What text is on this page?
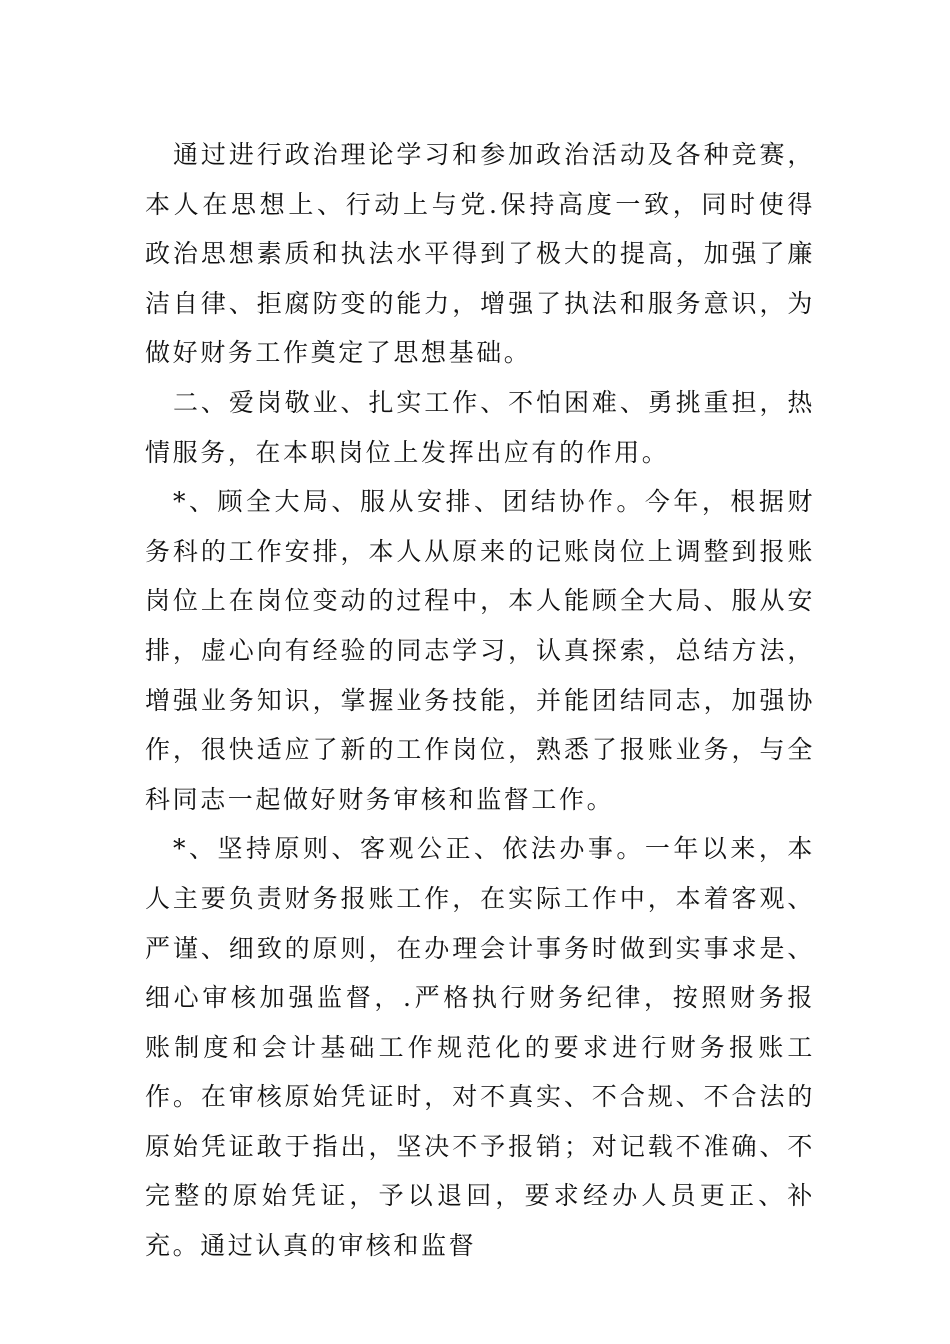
通过进行政治理论学习和参加政治活动及各种竞赛，本人在思想上、行动上与党.保持高度一致，同时使得政治思想素质和执法水平得到了极大的提高，加强了廉洁自律、拒腐防变的能力，增强了执法和服务意识，为做好财务工作奠定了思想基础。

二、爱岗敬业、扎实工作、不怕困难、勇挑重担，热情服务，在本职岗位上发挥出应有的作用。

*、顾全大局、服从安排、团结协作。今年，根据财务科的工作安排，本人从原来的记账岗位上调整到报账岗位上在岗位变动的过程中，本人能顾全大局、服从安排，虚心向有经验的同志学习，认真探索，总结方法，增强业务知识，掌握业务技能，并能团结同志，加强协作，很快适应了新的工作岗位，熟悉了报账业务，与全科同志一起做好财务审核和监督工作。

*、坚持原则、客观公正、依法办事。一年以来，本人主要负责财务报账工作，在实际工作中，本着客观、严谨、细致的原则，在办理会计事务时做到实事求是、细心审核加强监督，.严格执行财务纪律，按照财务报账制度和会计基础工作规范化的要求进行财务报账工作。在审核原始凭证时，对不真实、不合规、不合法的原始凭证敢于指出，坚决不予报销；对记载不准确、不完整的原始凭证，予以退回，要求经办人员更正、补充。通过认真的审核和监督
